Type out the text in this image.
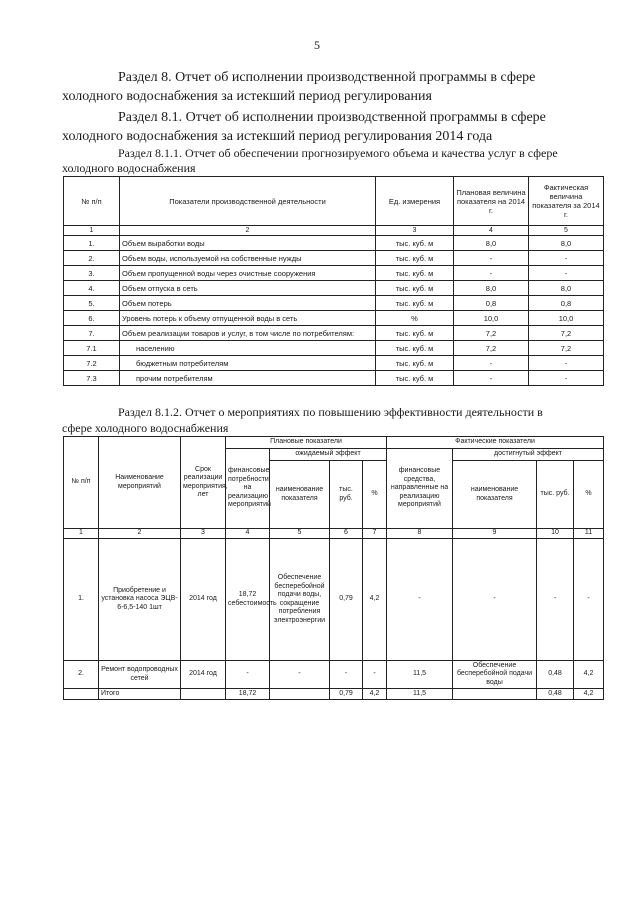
5

Раздел 8. Отчет об исполнении производственной программы в сфере

холодного водоснабжения за истекший период регулирования

Раздел 8.1. Отчет об исполнении производственной программы в сфере

холодного водоснабжения за истекший период регулирования 2014 года

Раздел 8.1.1. Отчет об обеспечении прогнозируемого объема и качества услуг в сфере

холодного водоснабжения

№ п/п	Показатели производственной деятельности	Ед. измерения	Плановая величина показателя на 2014 г.	Фактическая величина показателя за 2014 г.
1	2	3	4	5
1.	Объем выработки воды	тыс. куб. м	8,0	8,0
2.	Объем воды, используемой на собственные нужды	тыс. куб. м	-	-
3.	Объем пропущенной воды через очистные сооружения	тыс. куб. м	-	-
4.	Объем отпуска в сеть	тыс. куб. м	8,0	8,0
5.	Объем потерь	тыс. куб. м	0,8	0,8
6.	Уровень потерь к объему отпущенной воды в сеть	%	10,0	10,0
7.	Объем реализации товаров и услуг, в том числе по потребителям:	тыс. куб. м	7,2	7,2
7.1	населению	тыс. куб. м	7,2	7,2
7.2	бюджетным потребителям	тыс. куб. м	-	-
7.3	прочим потребителям	тыс. куб. м	-	-

Раздел 8.1.2. Отчет о мероприятиях по повышению эффективности деятельности в

сфере холодного водоснабжения

№ п/п	Наименование мероприятий	Срок реализации мероприятия, лет	Плановые показатели				Фактические показатели			
			финансовые потребности на реализацию мероприятий	ожидаемый эффект			финансовые средства, направленные на реализацию мероприятий	достигнутый эффект		
				наименование показателя	тыс. руб.	%		наименование показателя	тыс. руб.	%
1	2	3	4	5	6	7	8	9	10	11
1.	Приобретение и установка насоса ЭЦВ- 6-6,5-140 1шт	2014 год	18,72 себестоимость	Обеспечение бесперебойной подачи воды, сокращение потребления электроэнергии	0,79	4,2	-	-	-	-
2.	Ремонт водопроводных сетей	2014 год	-	-	-	-	11,5	Обеспечение бесперебойной подачи воды	0,48	4,2
	Итого		18,72		0,79	4,2	11,5		0,48	4,2
